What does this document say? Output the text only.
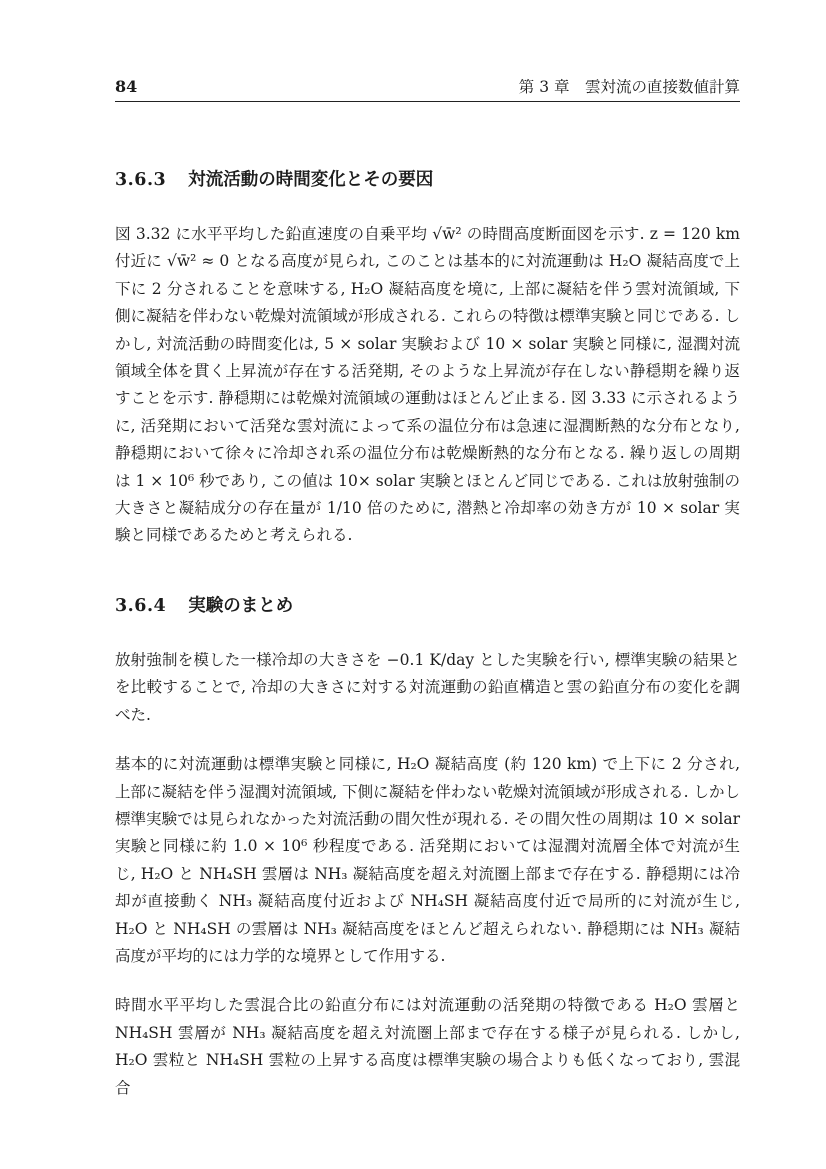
84	第 3 章　雲対流の直接数値計算
3.6.3 対流活動の時間変化とその要因

図 3.32 に水平平均した鉛直速度の自乗平均 √w̄² の時間高度断面図を示す. z = 120 km 付近に √w̄² ≈ 0 となる高度が見られ, このことは基本的に対流運動は H₂O 凝結高度で上下に 2 分されることを意味する, H₂O 凝結高度を境に, 上部に凝結を伴う雲対流領域, 下側に凝結を伴わない乾燥対流領域が形成される. これらの特徴は標準実験と同じである. しかし, 対流活動の時間変化は, 5 × solar 実験および 10 × solar 実験と同様に, 湿潤対流領域全体を貫く上昇流が存在する活発期, そのような上昇流が存在しない静穏期を繰り返すことを示す. 静穏期には乾燥対流領域の運動はほとんど止まる. 図 3.33 に示されるように, 活発期において活発な雲対流によって系の温位分布は急速に湿潤断熱的な分布となり, 静穏期において徐々に冷却され系の温位分布は乾燥断熱的な分布となる. 繰り返しの周期は 1 × 10⁶ 秒であり, この値は 10× solar 実験とほとんど同じである. これは放射強制の大きさと凝結成分の存在量が 1/10 倍のために, 潜熱と冷却率の効き方が 10 × solar 実験と同様であるためと考えられる.

3.6.4 実験のまとめ

放射強制を模した一様冷却の大きさを −0.1 K/day とした実験を行い, 標準実験の結果とを比較することで, 冷却の大きさに対する対流運動の鉛直構造と雲の鉛直分布の変化を調べた.

基本的に対流運動は標準実験と同様に, H₂O 凝結高度 (約 120 km) で上下に 2 分され, 上部に凝結を伴う湿潤対流領域, 下側に凝結を伴わない乾燥対流領域が形成される. しかし標準実験では見られなかった対流活動の間欠性が現れる. その間欠性の周期は 10 × solar 実験と同様に約 1.0 × 10⁶ 秒程度である. 活発期においては湿潤対流層全体で対流が生じ, H₂O と NH₄SH 雲層は NH₃ 凝結高度を超え対流圏上部まで存在する. 静穏期には冷却が直接動く NH₃ 凝結高度付近および NH₄SH 凝結高度付近で局所的に対流が生じ, H₂O と NH₄SH の雲層は NH₃ 凝結高度をほとんど超えられない. 静穏期には NH₃ 凝結高度が平均的には力学的な境界として作用する.

時間水平平均した雲混合比の鉛直分布には対流運動の活発期の特徴である H₂O 雲層と NH₄SH 雲層が NH₃ 凝結高度を超え対流圏上部まで存在する様子が見られる. しかし, H₂O 雲粒と NH₄SH 雲粒の上昇する高度は標準実験の場合よりも低くなっており, 雲混合
